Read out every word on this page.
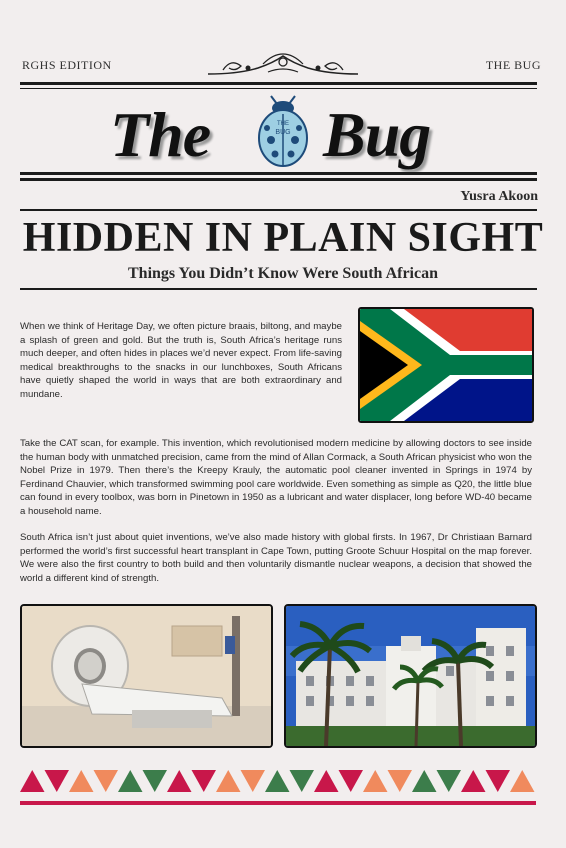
RGHS EDITION	THE BUG
The	THE
BUG Bug
Yusra Akoon
HIDDEN IN PLAIN SIGHT
Things You Didn’t Know Were South African
When we think of Heritage Day, we often picture braais, biltong, and maybe a splash of green and gold. But the truth is, South Africa’s heritage runs much deeper, and often hides in places we’d never expect. From life-saving medical breakthroughs to the snacks in our lunchboxes, South Africans have quietly shaped the world in ways that are both extraordinary and mundane.
Take the CAT scan, for example. This invention, which revolutionised modern medicine by allowing doctors to see inside the human body with unmatched precision, came from the mind of Allan Cormack, a South African physicist who won the Nobel Prize in 1979. Then there’s the Kreepy Krauly, the automatic pool cleaner invented in Springs in 1974 by Ferdinand Chauvier, which transformed swimming pool care worldwide. Even something as simple as Q20, the little blue can found in every toolbox, was born in Pinetown in 1950 as a lubricant and water displacer, long before WD-40 became a household name.
South Africa isn’t just about quiet inventions, we’ve also made history with global firsts. In 1967, Dr Christiaan Barnard performed the world’s first successful heart transplant in Cape Town, putting Groote Schuur Hospital on the map forever. We were also the first country to both build and then voluntarily dismantle nuclear weapons, a decision that showed the world a different kind of strength.
